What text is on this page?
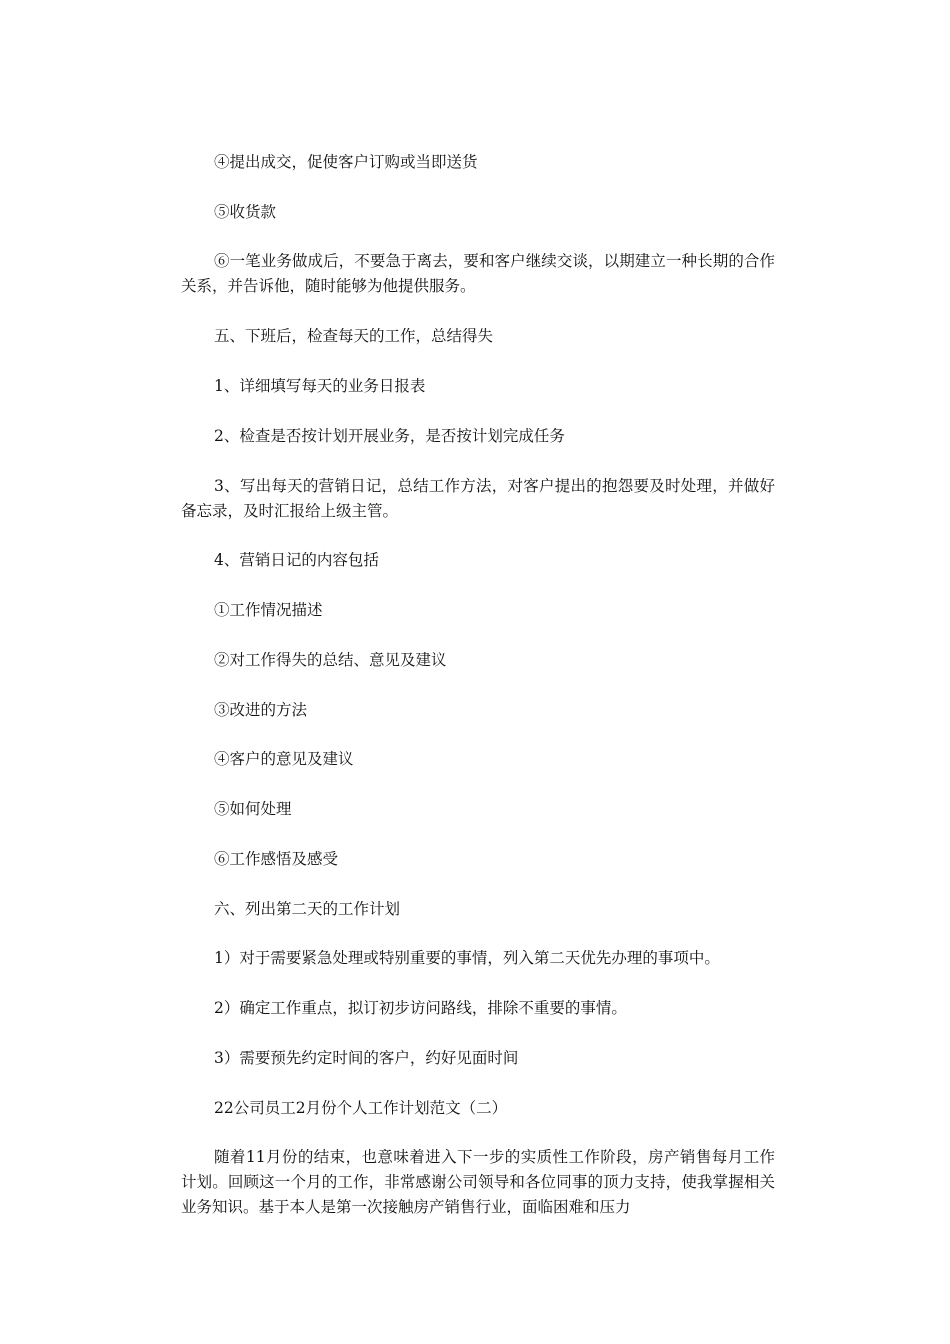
④提出成交，促使客户订购或当即送货

⑤收货款

⑥一笔业务做成后，不要急于离去，要和客户继续交谈，以期建立一种长期的合作关系，并告诉他，随时能够为他提供服务。

五、下班后，检查每天的工作，总结得失

1、详细填写每天的业务日报表

2、检查是否按计划开展业务，是否按计划完成任务

3、写出每天的营销日记，总结工作方法，对客户提出的抱怨要及时处理，并做好备忘录，及时汇报给上级主管。

4、营销日记的内容包括

①工作情况描述

②对工作得失的总结、意见及建议

③改进的方法

④客户的意见及建议

⑤如何处理

⑥工作感悟及感受

六、列出第二天的工作计划

1）对于需要紧急处理或特别重要的事情，列入第二天优先办理的事项中。

2）确定工作重点，拟订初步访问路线，排除不重要的事情。

3）需要预先约定时间的客户，约好见面时间

22公司员工2月份个人工作计划范文（二）

随着11月份的结束，也意味着进入下一步的实质性工作阶段，房产销售每月工作计划。回顾这一个月的工作，非常感谢公司领导和各位同事的顶力支持，使我掌握相关业务知识。基于本人是第一次接触房产销售行业，面临困难和压力
